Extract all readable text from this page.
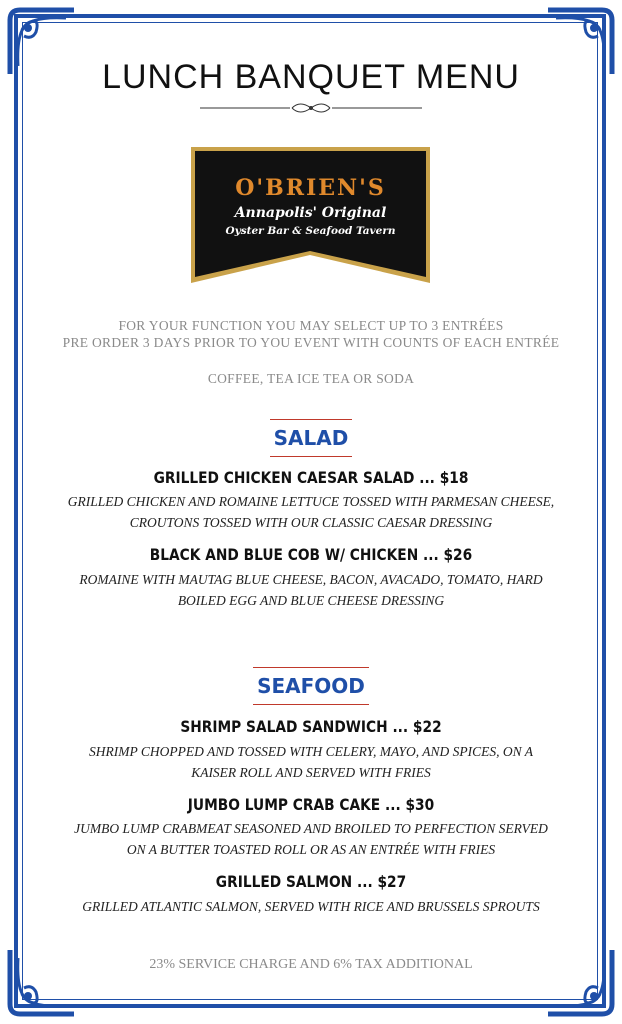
LUNCH BANQUET MENU
O'BRIEN'S
Annapolis' Original
Oyster Bar & Seafood Tavern
FOR YOUR FUNCTION YOU MAY SELECT UP TO 3 ENTRÉES
PRE ORDER 3 DAYS PRIOR TO YOU EVENT WITH COUNTS OF EACH ENTRÉE
COFFEE, TEA ICE TEA OR SODA
SALAD
GRILLED CHICKEN CAESAR SALAD ... $18
GRILLED CHICKEN AND ROMAINE LETTUCE TOSSED WITH PARMESAN CHEESE,
CROUTONS TOSSED WITH OUR CLASSIC CAESAR DRESSING
BLACK AND BLUE COB W/ CHICKEN ... $26
ROMAINE WITH MAUTAG BLUE CHEESE, BACON, AVACADO, TOMATO, HARD
BOILED EGG AND BLUE CHEESE DRESSING
SEAFOOD
SHRIMP SALAD SANDWICH ... $22
SHRIMP CHOPPED AND TOSSED WITH CELERY, MAYO, AND SPICES, ON A
KAISER ROLL AND SERVED WITH FRIES
JUMBO LUMP CRAB CAKE ... $30
JUMBO LUMP CRABMEAT SEASONED AND BROILED TO PERFECTION SERVED
ON A BUTTER TOASTED ROLL OR AS AN ENTRÉE WITH FRIES
GRILLED SALMON ... $27
GRILLED ATLANTIC SALMON, SERVED WITH RICE AND BRUSSELS SPROUTS
23% SERVICE CHARGE AND 6% TAX ADDITIONAL
